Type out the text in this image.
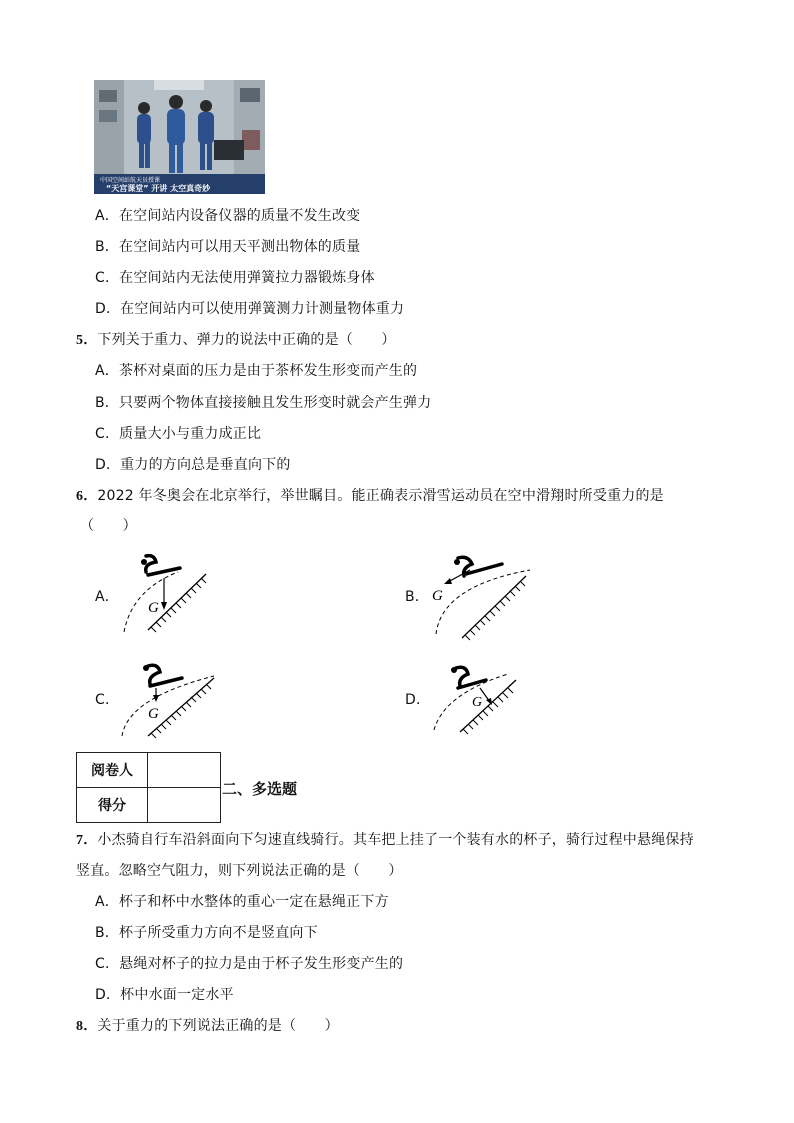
中国空间站航天员授课
“天宫课堂” 开讲 太空真奇妙
A．在空间站内设备仪器的质量不发生改变
B．在空间站内可以用天平测出物体的质量
C．在空间站内无法使用弹簧拉力器锻炼身体
D．在空间站内可以使用弹簧测力计测量物体重力
5．下列关于重力、弹力的说法中正确的是（　　）
A．茶杯对桌面的压力是由于茶杯发生形变而产生的
B．只要两个物体直接接触且发生形变时就会产生弹力
C．质量大小与重力成正比
D．重力的方向总是垂直向下的
6．2022 年冬奥会在北京举行，举世瞩目。能正确表示滑雪运动员在空中滑翔时所受重力的是
（　　）
A．	B．
C．	D．
G
G
G
G
阅卷人	
得分	
二、多选题
7．小杰骑自行车沿斜面向下匀速直线骑行。其车把上挂了一个装有水的杯子，骑行过程中悬绳保持
竖直。忽略空气阻力，则下列说法正确的是（　　）
A．杯子和杯中水整体的重心一定在悬绳正下方
B．杯子所受重力方向不是竖直向下
C．悬绳对杯子的拉力是由于杯子发生形变产生的
D．杯中水面一定水平
8．关于重力的下列说法正确的是（　　）
